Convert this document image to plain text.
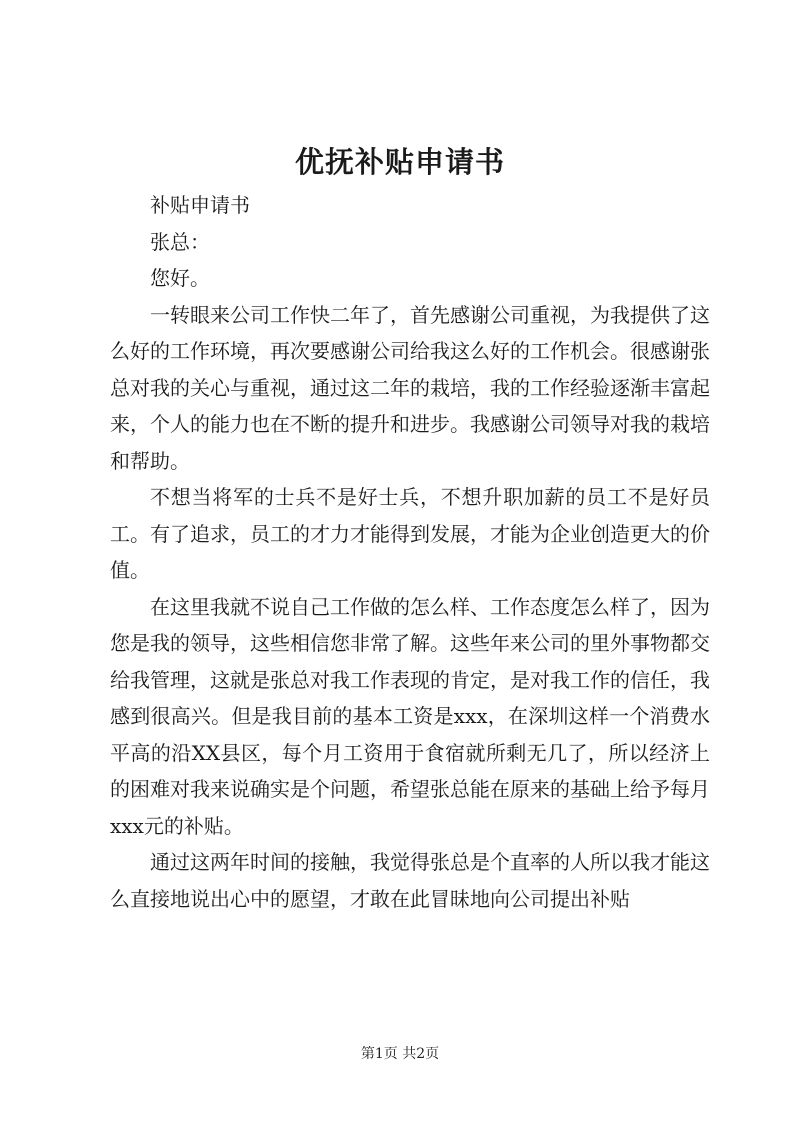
优抚补贴申请书

补贴申请书

张总：

您好。

一转眼来公司工作快二年了，首先感谢公司重视，为我提供了这么好的工作环境，再次要感谢公司给我这么好的工作机会。很感谢张总对我的关心与重视，通过这二年的栽培，我的工作经验逐渐丰富起来，个人的能力也在不断的提升和进步。我感谢公司领导对我的栽培和帮助。

不想当将军的士兵不是好士兵，不想升职加薪的员工不是好员工。有了追求，员工的才力才能得到发展，才能为企业创造更大的价值。

在这里我就不说自己工作做的怎么样、工作态度怎么样了，因为您是我的领导，这些相信您非常了解。这些年来公司的里外事物都交给我管理，这就是张总对我工作表现的肯定，是对我工作的信任，我感到很高兴。但是我目前的基本工资是xxx，在深圳这样一个消费水平高的沿XX县区，每个月工资用于食宿就所剩无几了，所以经济上的困难对我来说确实是个问题，希望张总能在原来的基础上给予每月xxx元的补贴。

通过这两年时间的接触，我觉得张总是个直率的人所以我才能这么直接地说出心中的愿望，才敢在此冒昧地向公司提出补贴

第1页 共2页
